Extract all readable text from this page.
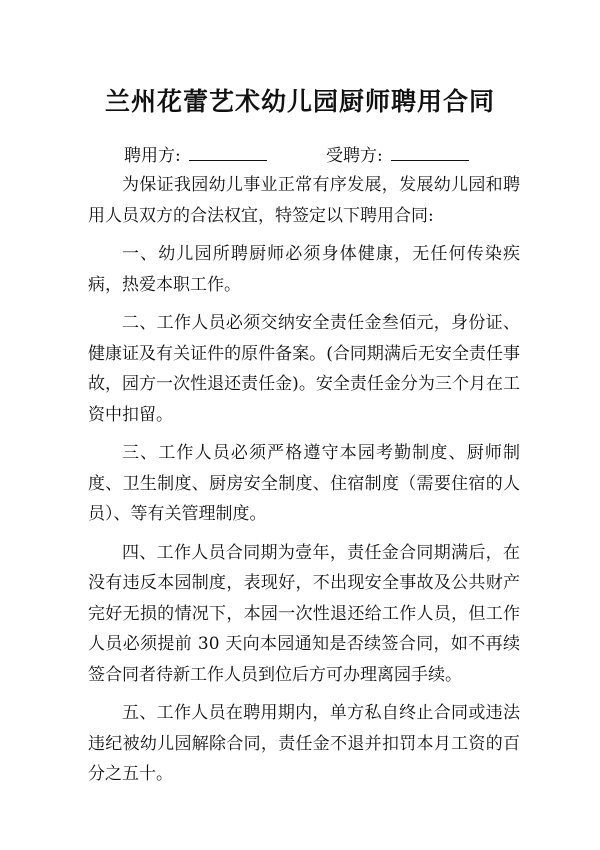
兰州花蕾艺术幼儿园厨师聘用合同
聘用方:	受聘方:

为保证我园幼儿事业正常有序发展，发展幼儿园和聘用人员双方的合法权宜，特签定以下聘用合同:

一、幼儿园所聘厨师必须身体健康，无任何传染疾病，热爱本职工作。

二、工作人员必须交纳安全责任金叁佰元，身份证、健康证及有关证件的原件备案。(合同期满后无安全责任事故，园方一次性退还责任金)。安全责任金分为三个月在工资中扣留。

三、工作人员必须严格遵守本园考勤制度、厨师制度、卫生制度、厨房安全制度、住宿制度（需要住宿的人员）、等有关管理制度。

四、工作人员合同期为壹年，责任金合同期满后，在没有违反本园制度，表现好，不出现安全事故及公共财产完好无损的情况下，本园一次性退还给工作人员，但工作人员必须提前 30 天向本园通知是否续签合同，如不再续签合同者待新工作人员到位后方可办理离园手续。

五、工作人员在聘用期内，单方私自终止合同或违法违纪被幼儿园解除合同，责任金不退并扣罚本月工资的百分之五十。
